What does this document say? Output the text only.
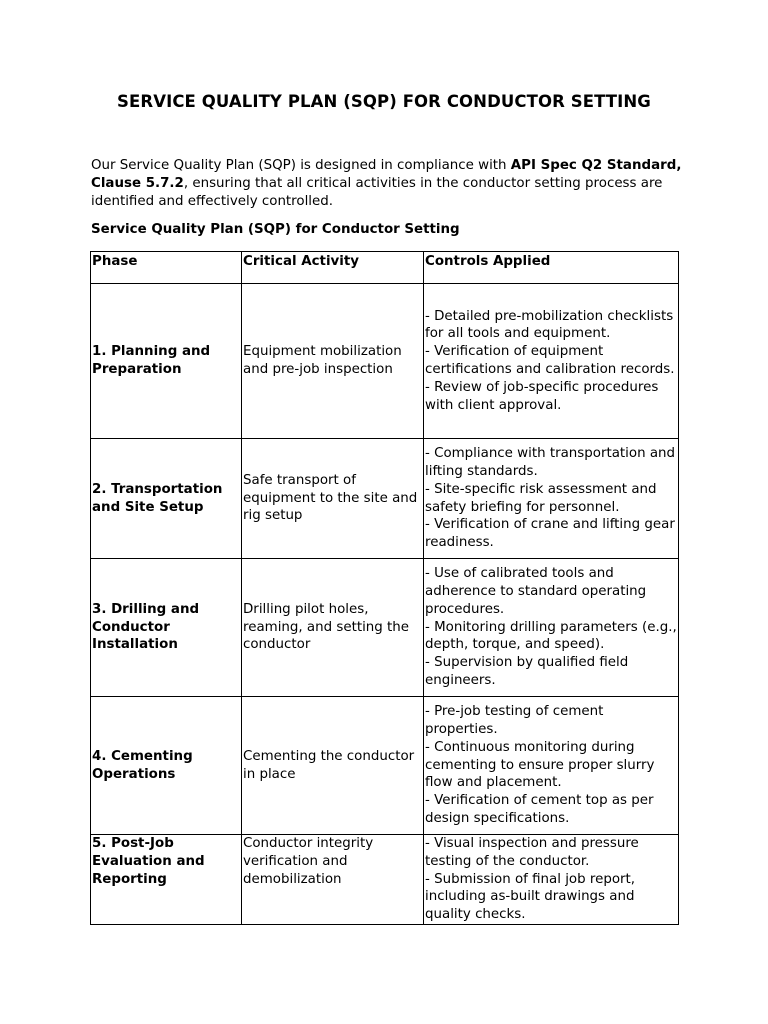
SERVICE QUALITY PLAN (SQP) FOR CONDUCTOR SETTING

Our Service Quality Plan (SQP) is designed in compliance with API Spec Q2 Standard, Clause 5.7.2, ensuring that all critical activities in the conductor setting process are identified and effectively controlled.

Service Quality Plan (SQP) for Conductor Setting

Phase	Critical Activity	Controls Applied
1. Planning and Preparation	Equipment mobilization and pre-job inspection	- Detailed pre-mobilization checklists for all tools and equipment.
- Verification of equipment certifications and calibration records.
- Review of job-specific procedures with client approval.

2. Transportation and Site Setup	Safe transport of equipment to the site and rig setup	- Compliance with transportation and lifting standards.
- Site-specific risk assessment and safety briefing for personnel.
- Verification of crane and lifting gear readiness.

3. Drilling and Conductor Installation	Drilling pilot holes, reaming, and setting the conductor	- Use of calibrated tools and adherence to standard operating procedures.
- Monitoring drilling parameters (e.g., depth, torque, and speed).
- Supervision by qualified field engineers.

4. Cementing Operations	Cementing the conductor in place	- Pre-job testing of cement properties.
- Continuous monitoring during cementing to ensure proper slurry flow and placement.
- Verification of cement top as per design specifications.

5. Post-Job Evaluation and Reporting	Conductor integrity verification and demobilization	- Visual inspection and pressure testing of the conductor.
- Submission of final job report, including as-built drawings and quality checks.
